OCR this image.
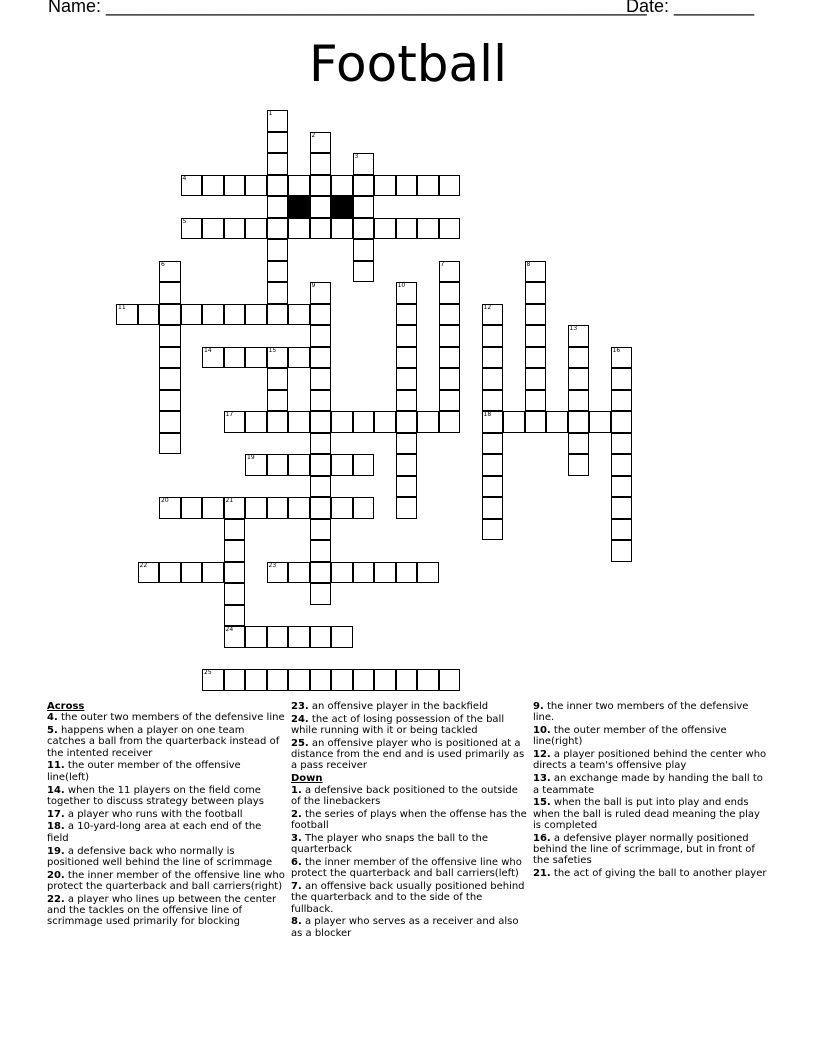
Name: ______________________________________________________
Date: ________
Football
1
2
3
4
5
6	7	8
9	10
11	12
18
13
14	15	16
17
19
20	21
24
22	23
25
Across
4. the outer two members of the defensive line
5. happens when a player on one team catches a ball from the quarterback instead of the intented receiver
11. the outer member of the offensive line(left)
14. when the 11 players on the field come together to discuss strategy between plays
17. a player who runs with the football
18. a 10-yard-long area at each end of the field
19. a defensive back who normally is positioned well behind the line of scrimmage
20. the inner member of the offensive line who protect the quarterback and ball carriers(right)
22. a player who lines up between the center and the tackles on the offensive line of scrimmage used primarily for blocking
23. an offensive player in the backfield
24. the act of losing possession of the ball while running with it or being tackled
25. an offensive player who is positioned at a distance from the end and is used primarily as a pass receiver
Down
1. a defensive back positioned to the outside of the linebackers
2. the series of plays when the offense has the football
3. The player who snaps the ball to the quarterback
6. the inner member of the offensive line who protect the quarterback and ball carriers(left)
7. an offensive back usually positioned behind the quarterback and to the side of the fullback.
8. a player who serves as a receiver and also as a blocker
9. the inner two members of the defensive line.
10. the outer member of the offensive line(right)
12. a player positioned behind the center who directs a team's offensive play
13. an exchange made by handing the ball to a teammate
15. when the ball is put into play and ends when the ball is ruled dead meaning the play is completed
16. a defensive player normally positioned behind the line of scrimmage, but in front of the safeties
21. the act of giving the ball to another player
